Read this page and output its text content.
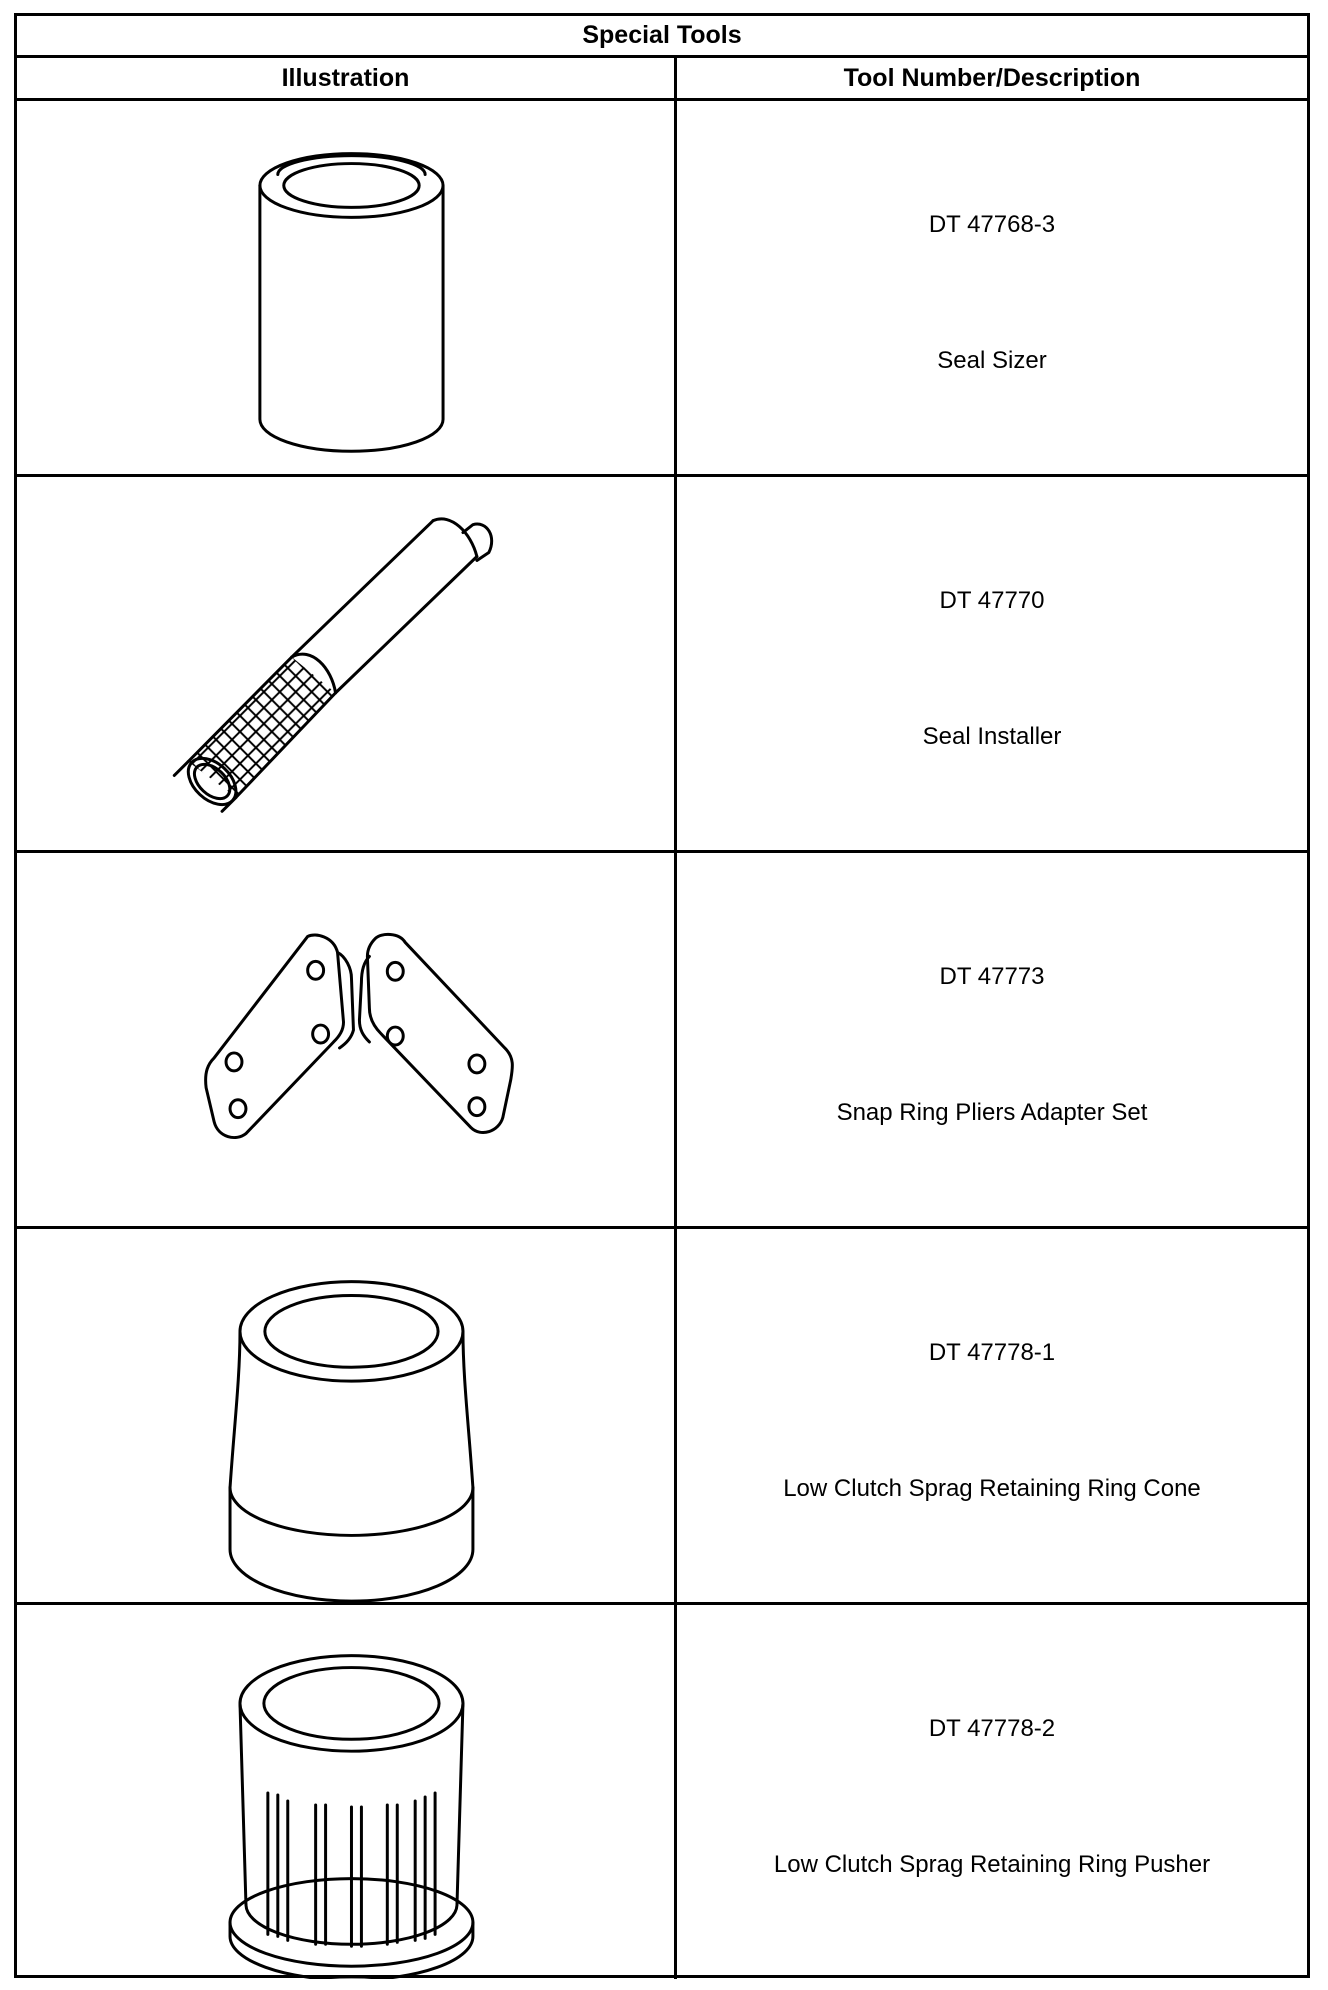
Special Tools
Illustration	Tool Number/Description
DT 47768-3
Seal Sizer
DT 47770
Seal Installer
DT 47773
Snap Ring Pliers Adapter Set
DT 47778-1
Low Clutch Sprag Retaining Ring Cone
DT 47778-2
Low Clutch Sprag Retaining Ring Pusher
